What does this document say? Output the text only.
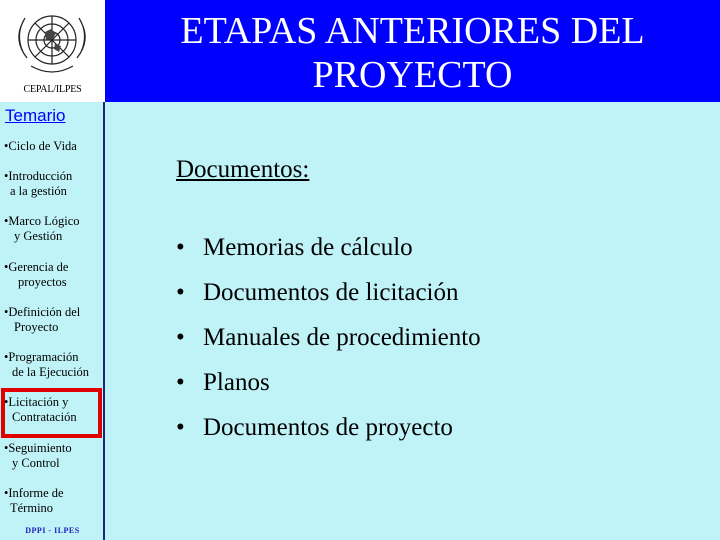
CEPAL/ILPES
ETAPAS ANTERIORES DEL
PROYECTO
Temario
•Ciclo de Vida
•Introducción
a la gestión
•Marco Lógico
y Gestión
•Gerencia de
proyectos
•Definición del
Proyecto
•Programación
de la Ejecución
•Licitación y
Contratación
•Seguimiento
y Control
•Informe de
Término
DPPI - ILPES
Documentos:
• Memorias de cálculo
• Documentos de licitación
• Manuales de procedimiento
• Planos
• Documentos de proyecto
